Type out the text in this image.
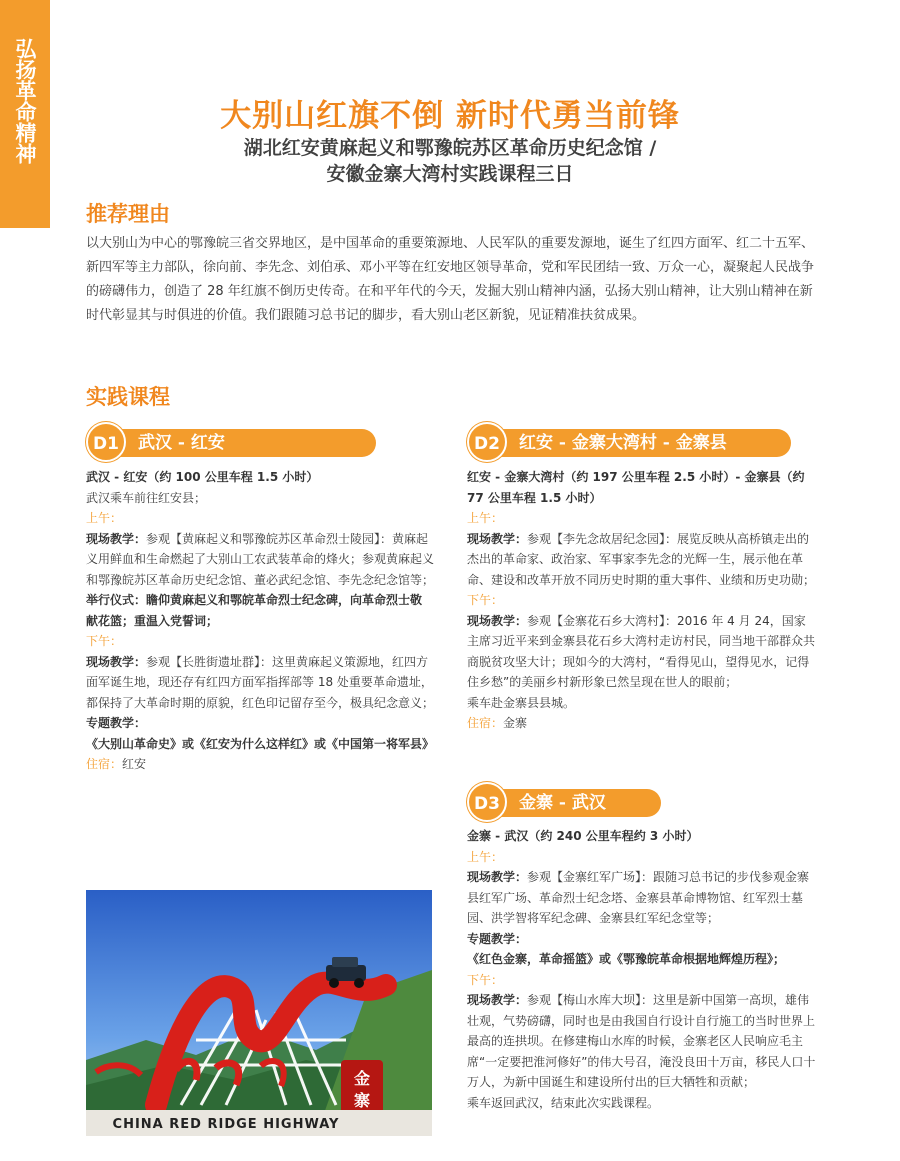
弘扬革命精神	大别山红旗不倒 新时代勇当前锋
湖北红安黄麻起义和鄂豫皖苏区革命历史纪念馆 /
安徽金寨大湾村实践课程三日
推荐理由

以大别山为中心的鄂豫皖三省交界地区，是中国革命的重要策源地、人民军队的重要发源地，诞生了红四方面军、红二十五军、新四军等主力部队，徐向前、李先念、刘伯承、邓小平等在红安地区领导革命，党和军民团结一致、万众一心，凝聚起人民战争的磅礴伟力，创造了 28 年红旗不倒历史传奇。在和平年代的今天，发掘大别山精神内涵，弘扬大别山精神，让大别山精神在新时代彰显其与时俱进的价值。我们跟随习总书记的脚步，看大别山老区新貌，见证精准扶贫成果。

实践课程
武汉 - 红安
D1

武汉 - 红安（约 100 公里车程 1.5 小时）

武汉乘车前往红安县；

上午：

现场教学：参观【黄麻起义和鄂豫皖苏区革命烈士陵园】：黄麻起义用鲜血和生命燃起了大别山工农武装革命的烽火；参观黄麻起义和鄂豫皖苏区革命历史纪念馆、董必武纪念馆、李先念纪念馆等；

举行仪式：瞻仰黄麻起义和鄂皖革命烈士纪念碑，向革命烈士敬献花篮；重温入党誓词；

下午：

现场教学：参观【长胜街遗址群】：这里黄麻起义策源地，红四方面军诞生地，现还存有红四方面军指挥部等 18 处重要革命遗址，都保持了大革命时期的原貌，红色印记留存至今，极具纪念意义；

专题教学：

《大别山革命史》或《红安为什么这样红》或《中国第一将军县》

住宿：红安

红安 - 金寨大湾村 - 金寨县
D2

红安 - 金寨大湾村（约 197 公里车程 2.5 小时）- 金寨县（约 77 公里车程 1.5 小时）

上午：

现场教学：参观【李先念故居纪念园】：展览反映从高桥镇走出的杰出的革命家、政治家、军事家李先念的光辉一生，展示他在革命、建设和改革开放不同历史时期的重大事件、业绩和历史功勋；

下午：

现场教学：参观【金寨花石乡大湾村】：2016 年 4 月 24，国家主席习近平来到金寨县花石乡大湾村走访村民，同当地干部群众共商脱贫攻坚大计；现如今的大湾村，“看得见山，望得见水，记得住乡愁”的美丽乡村新形象已然呈现在世人的眼前；

乘车赴金寨县县城。

住宿：金寨

金寨 - 武汉
D3

金寨 - 武汉（约 240 公里车程约 3 小时）

上午：

现场教学：参观【金寨红军广场】：跟随习总书记的步伐参观金寨县红军广场、革命烈士纪念塔、金寨县革命博物馆、红军烈士墓园、洪学智将军纪念碑、金寨县红军纪念堂等；

专题教学：

《红色金寨，革命摇篮》或《鄂豫皖革命根据地辉煌历程》；

下午：

现场教学：参观【梅山水库大坝】：这里是新中国第一高坝，雄伟壮观，气势磅礴，同时也是由我国自行设计自行施工的当时世界上最高的连拱坝。在修建梅山水库的时候，金寨老区人民响应毛主席“一定要把淮河修好”的伟大号召，淹没良田十万亩，移民人口十万人，为新中国诞生和建设所付出的巨大牺牲和贡献；

乘车返回武汉，结束此次实践课程。

金
寨
CHINA RED RIDGE HIGHWAY
